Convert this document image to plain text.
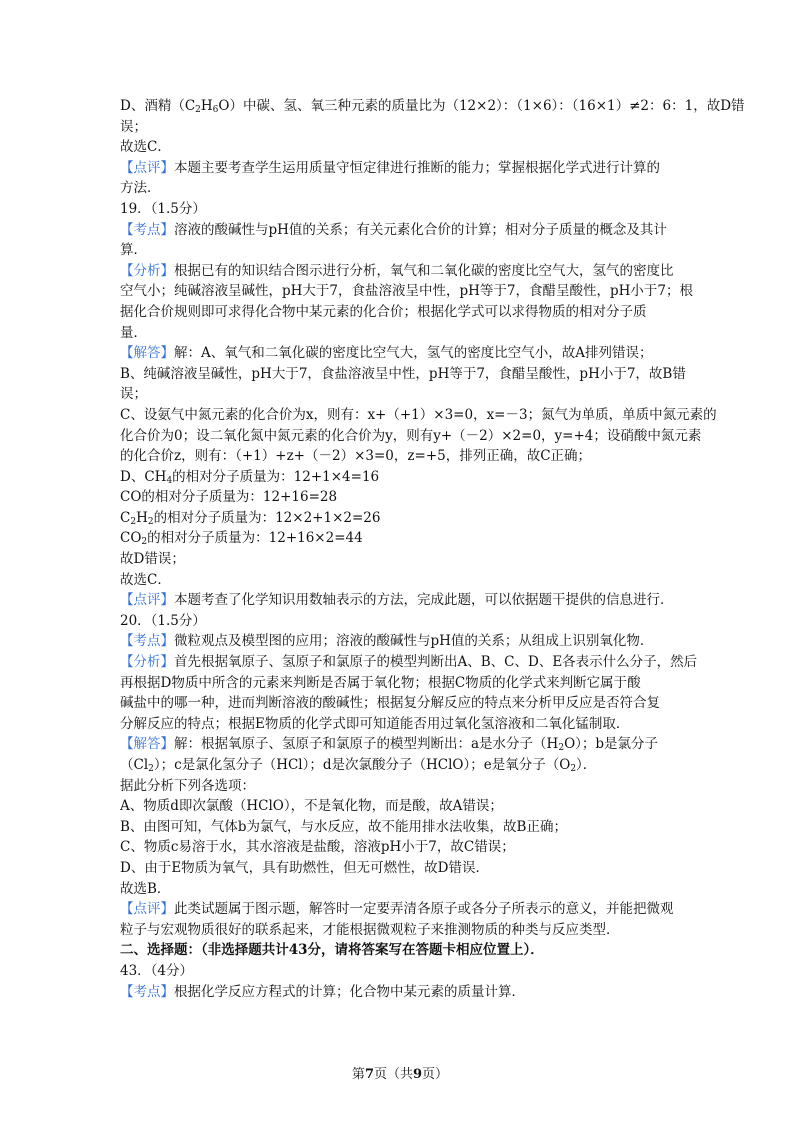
D、酒精$(C_2H_6O)$中碳、氢、氧三种元素的质量比为（12×2）：（1×6）：（16×1）≠2：6：1，故D错
误；
故选C．
【点评】本题主要考查学生运用质量守恒定律进行推断的能力；掌握根据化学式进行计算的
方法．
19．（1.5分）
【考点】溶液的酸碱性与pH值的关系；有关元素化合价的计算；相对分子质量的概念及其计
算．
【分析】根据已有的知识结合图示进行分析，氧气和二氧化碳的密度比空气大，氢气的密度比
空气小；纯碱溶液呈碱性，pH大于7，食盐溶液呈中性，pH等于7，食醋呈酸性，pH小于7；根
据化合价规则即可求得化合物中某元素的化合价；根据化学式可以求得物质的相对分子质
量．
【解答】解：A、氧气和二氧化碳的密度比空气大，氢气的密度比空气小，故A排列错误；
B、纯碱溶液呈碱性，pH大于7，食盐溶液呈中性，pH等于7，食醋呈酸性，pH小于7，故B错
误；
C、设氨气中氮元素的化合价为x，则有：x+（+1）×3=0，x=－3；氮气为单质，单质中氮元素的
化合价为0；设二氧化氮中氮元素的化合价为y，则有y+（－2）×2=0，y=+4；设硝酸中氮元素
的化合价z，则有：（+1）+z+（－2）×3=0，z=+5，排列正确，故C正确；
D、$CH_4$的相对分子质量为：12+1×4=16
CO的相对分子质量为：12+16=28
$C_2H_2$的相对分子质量为：12×2+1×2=26
$CO_2$的相对分子质量为：12+16×2=44
故D错误；
故选C．
【点评】本题考查了化学知识用数轴表示的方法，完成此题，可以依据题干提供的信息进行．
20．（1.5分）
【考点】微粒观点及模型图的应用；溶液的酸碱性与pH值的关系；从组成上识别氧化物．
【分析】首先根据氧原子、氢原子和氯原子的模型判断出A、B、C、D、E各表示什么分子，然后
再根据D物质中所含的元素来判断是否属于氧化物；根据C物质的化学式来判断它属于酸
碱盐中的哪一种，进而判断溶液的酸碱性；根据复分解反应的特点来分析甲反应是否符合复
分解反应的特点；根据E物质的化学式即可知道能否用过氧化氢溶液和二氧化锰制取．
【解答】解：根据氧原子、氢原子和氯原子的模型判断出：a是水分子$(H_2O)$；b是氯分子
$(Cl_2)$；c是氯化氢分子（HCl）；d是次氯酸分子（HClO）；e是氧分子$(O_2)$．
据此分析下列各选项：
A、物质d即次氯酸（HClO），不是氧化物，而是酸，故A错误；
B、由图可知，气体b为氯气，与水反应，故不能用排水法收集，故B正确；
C、物质c易溶于水，其水溶液是盐酸，溶液pH小于7，故C错误；
D、由于E物质为氧气，具有助燃性，但无可燃性，故D错误．
故选B．
【点评】此类试题属于图示题，解答时一定要弄清各原子或各分子所表示的意义，并能把微观
粒子与宏观物质很好的联系起来，才能根据微观粒子来推测物质的种类与反应类型．
二、选择题：（非选择题共计43分，请将答案写在答题卡相应位置上）．
43．（4分）
【考点】根据化学反应方程式的计算；化合物中某元素的质量计算．
第7页（共9页）
